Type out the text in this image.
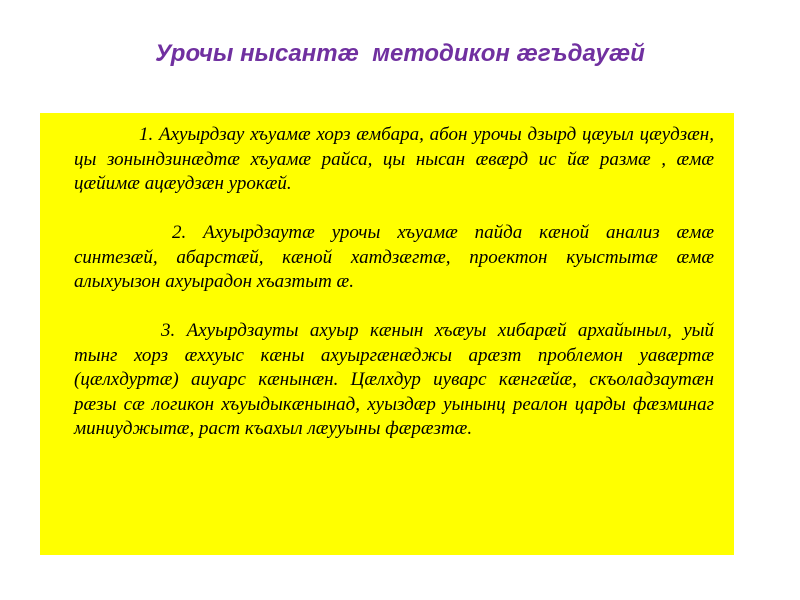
Урочы нысантæ  методикон æгъдауæй

1. Ахуырдзау хъуамæ хорз æмбара, абон урочы дзырд цæуыл цæудзæн, цы зонындзинæдтæ хъуамæ райса, цы нысан æвæрд ис йæ размæ , æмæ цæйимæ ацæудзæн урокæй.

2. Ахуырдзаутæ урочы хъуамæ пайда кæной анализ æмæ синтезæй, абарстæй, кæной хатдзæгтæ, проектон куыстытæ æмæ алыхуызон ахуырадон хъазтыт æ.

3. Ахуырдзауты ахуыр кæнын хъæуы хибарæй архайыныл, уый тынг хорз æххуыс кæны ахуыргæнæджы арæзт проблемон уавæртæ (цæлхдуртæ) аиуарс кæнынæн. Цæлхдур иуварс кæнгæйæ, скъоладзаутæн рæзы сæ логикон хъуыдыкæнынад, хуыздæр уынынц реалон царды фæзминаг миниуджытæ, раст къахыл лæууыны фæрæзтæ.
